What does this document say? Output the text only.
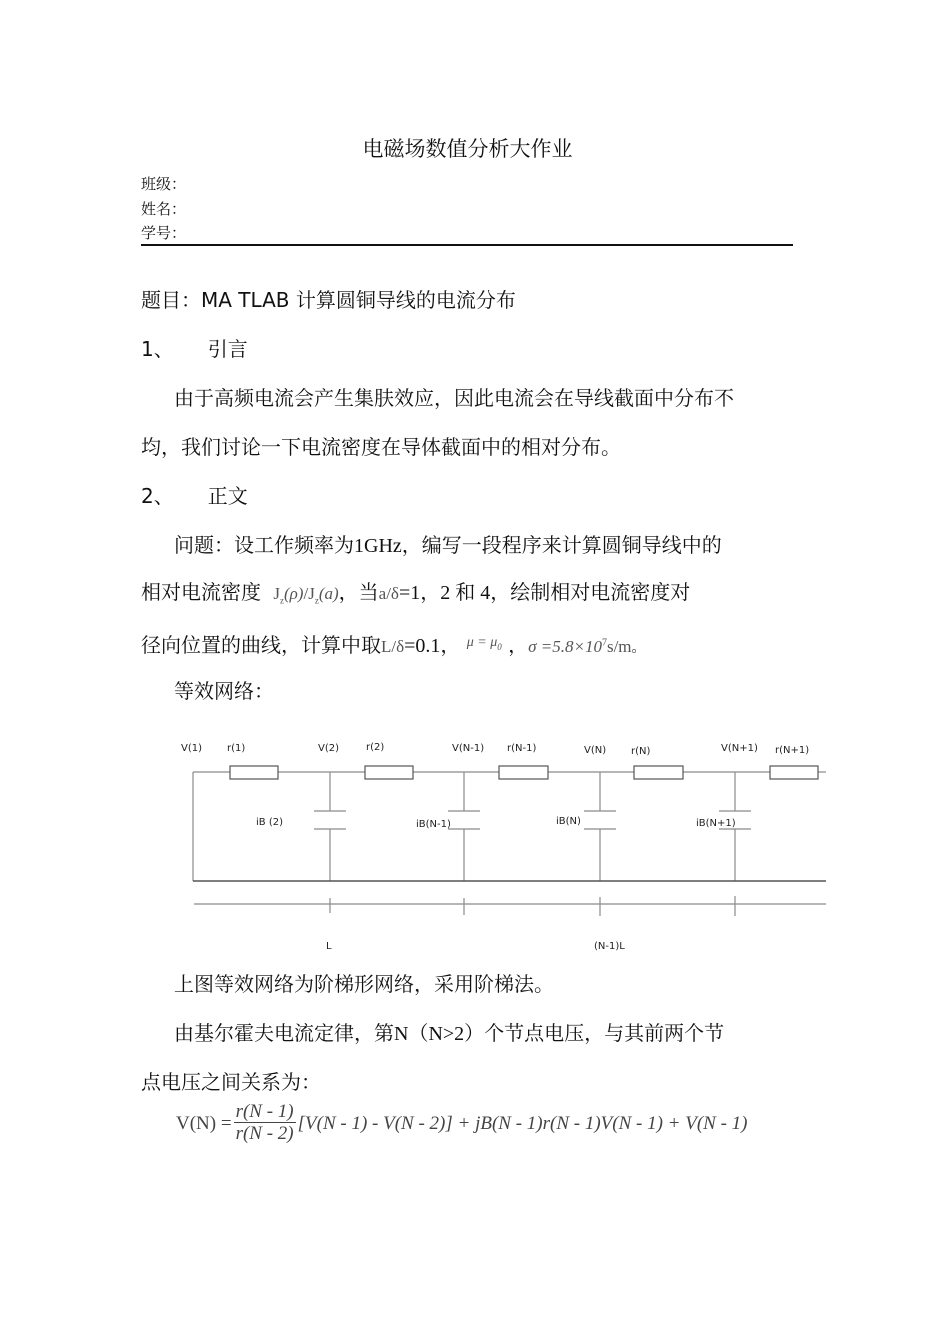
电磁场数值分析大作业
班级：
姓名：
学号：
题目：MA TLAB 计算圆铜导线的电流分布
1、 引言
由于高频电流会产生集肤效应，因此电流会在导线截面中分布不
均，我们讨论一下电流密度在导体截面中的相对分布。
2、 正文
问题：设工作频率为1GHz，编写一段程序来计算圆铜导线中的
相对电流密度 $J_z(\rho)/J_z(a)$，当a/δ=1，2 和 4，绘制相对电流密度对
径向位置的曲线，计算中取L/δ=0.1， $^{\mu = \mu_0}$ ，$\sigma =5.8\times 10^7s/m$。
等效网络：
V(1)	V(2)	V(N-1)	V(N)	V(N+1)
r(1)	r(2)	r(N-1)	r(N)	r(N+1)
iB (2)	iB(N-1)	iB(N)	iB(N+1)
L	(N-1)L
上图等效网络为阶梯形网络，采用阶梯法。
由基尔霍夫电流定律，第N（N>2）个节点电压，与其前两个节
点电压之间关系为：
$V(N) = \frac{r(N - 1)}{r(N - 2)} [V(N - 1) - V(N - 2)] + jB(N - 1)r(N - 1)V(N - 1) + V(N - 1)$
